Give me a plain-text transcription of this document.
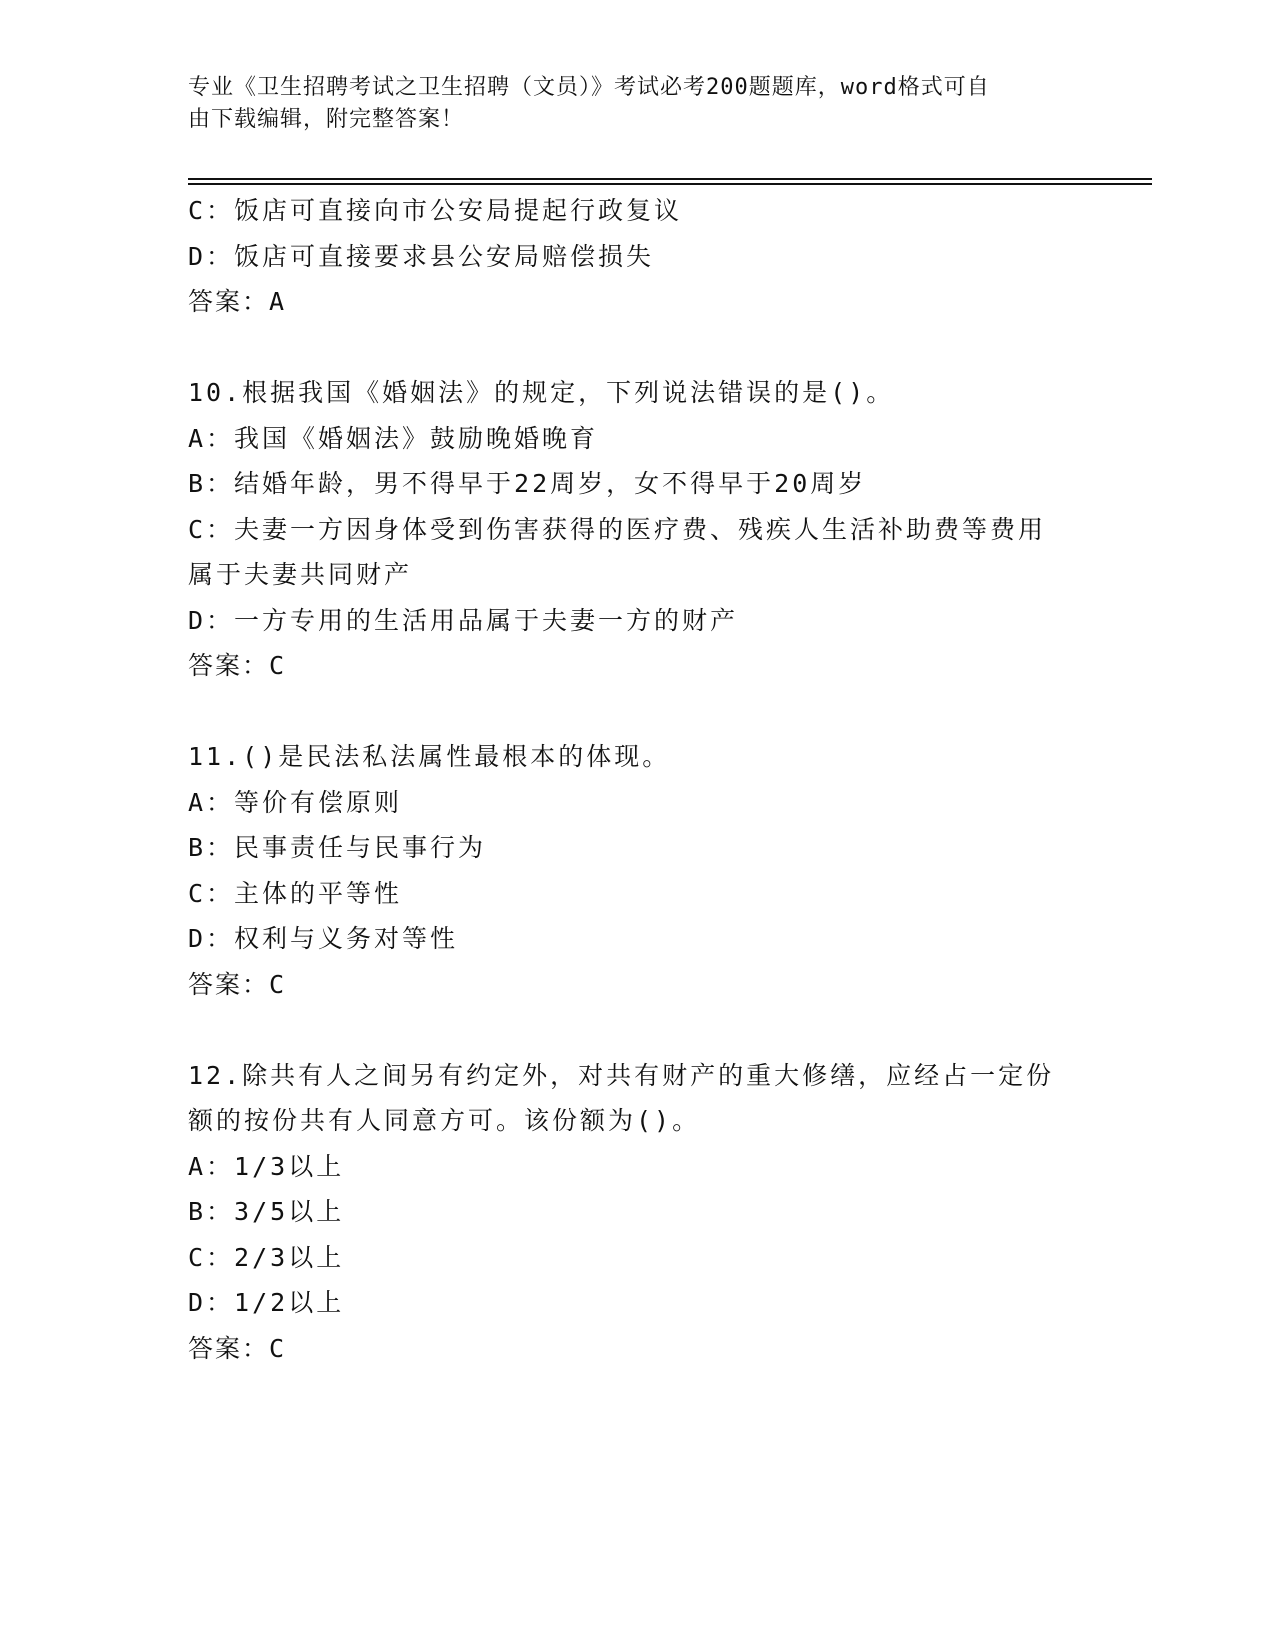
专业《卫生招聘考试之卫生招聘（文员）》考试必考200题题库，word格式可自
由下载编辑，附完整答案！
C：饭店可直接向市公安局提起行政复议
D：饭店可直接要求县公安局赔偿损失
答案：A
10.根据我国《婚姻法》的规定，下列说法错误的是()。
A：我国《婚姻法》鼓励晚婚晚育
B：结婚年龄，男不得早于22周岁，女不得早于20周岁
C：夫妻一方因身体受到伤害获得的医疗费、残疾人生活补助费等费用
属于夫妻共同财产
D：一方专用的生活用品属于夫妻一方的财产
答案：C
11.()是民法私法属性最根本的体现。
A：等价有偿原则
B：民事责任与民事行为
C：主体的平等性
D：权利与义务对等性
答案：C
12.除共有人之间另有约定外，对共有财产的重大修缮，应经占一定份
额的按份共有人同意方可。该份额为()。
A：1/3以上
B：3/5以上
C：2/3以上
D：1/2以上
答案：C
